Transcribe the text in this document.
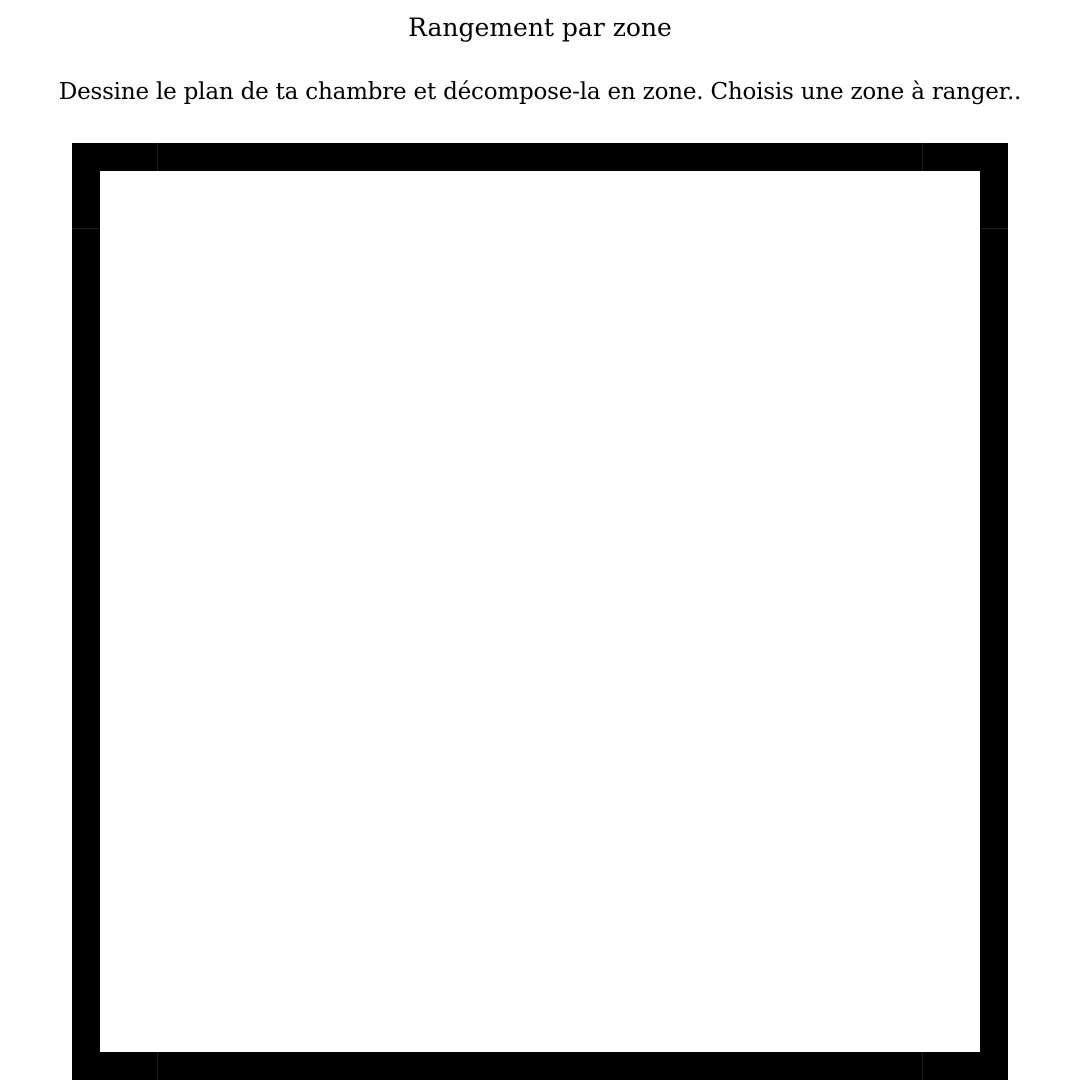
Rangement par zone

Dessine le plan de ta chambre et décompose-la en zone. Choisis une zone à ranger..
